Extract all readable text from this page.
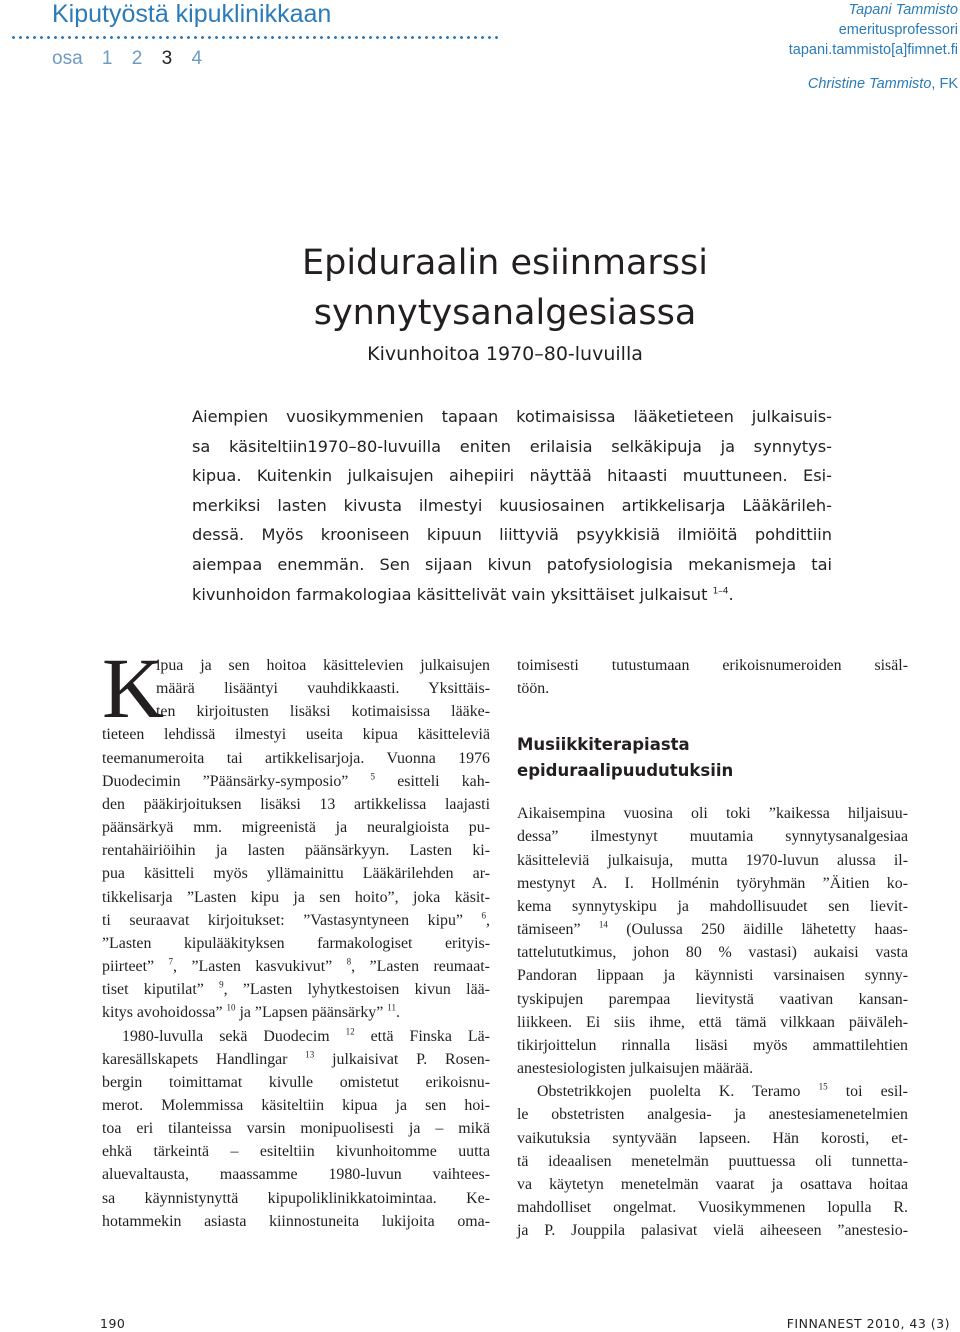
Kiputyöstä kipuklinikkaan
osa 1 2 3 4
Tapani Tammisto
emeritusprofessori
tapani.tammisto[a]fimnet.fi
Christine Tammisto, FK
Epiduraalin esiinmarssi
synnytysanalgesiassa
Kivunhoitoa 1970–80-luvuilla
Aiempien vuosikymmenien tapaan kotimaisissa lääketieteen julkaisuis-
sa käsiteltiin1970–80-luvuilla eniten erilaisia selkäkipuja ja synnytys-
kipua. Kuitenkin julkaisujen aihepiiri näyttää hitaasti muuttuneen. Esi-
merkiksi lasten kivusta ilmestyi kuusiosainen artikkelisarja Lääkärileh-
dessä. Myös krooniseen kipuun liittyviä psyykkisiä ilmiöitä pohdittiin
aiempaa enemmän. Sen sijaan kivun patofysiologisia mekanismeja tai
kivunhoidon farmakologiaa käsittelivät vain yksittäiset julkaisut $^{1-4}$.
K
ipua ja sen hoitoa käsittelevien julkaisujen
määrä lisääntyi vauhdikkaasti. Yksittäis-
ten kirjoitusten lisäksi kotimaisissa lääke-
tieteen lehdissä ilmestyi useita kipua käsitteleviä
teemanumeroita tai artikkelisarjoja. Vuonna 1976
Duodecimin ”Päänsärky-symposio” $^5$ esitteli kah-
den pääkirjoituksen lisäksi 13 artikkelissa laajasti
päänsärkyä mm. migreenistä ja neuralgioista pu-
rentahäiriöihin ja lasten päänsärkyyn. Lasten ki-
pua käsitteli myös yllämainittu Lääkärilehden ar-
tikkelisarja ”Lasten kipu ja sen hoito”, joka käsit-
ti seuraavat kirjoitukset: ”Vastasyntyneen kipu” $^6$,
”Lasten kipulääkityksen farmakologiset erityis-
piirteet” $^7$, ”Lasten kasvukivut” $^8$, ”Lasten reumaat-
tiset kiputilat” $^9$, ”Lasten lyhytkestoisen kivun lää-
kitys avohoidossa” $^{10}$ ja ”Lapsen päänsärky” $^{11}$.
1980-luvulla sekä Duodecim $^{12}$ että Finska Lä-
karesällskapets Handlingar $^{13}$ julkaisivat P. Rosen-
bergin toimittamat kivulle omistetut erikoisnu-
merot. Molemmissa käsiteltiin kipua ja sen hoi-
toa eri tilanteissa varsin monipuolisesti ja – mikä
ehkä tärkeintä – esiteltiin kivunhoitomme uutta
aluevaltausta, maassamme 1980-luvun vaihtees-
sa käynnistynyttä kipupoliklinikkatoimintaa. Ke-
hotammekin asiasta kiinnostuneita lukijoita oma-
toimisesti tutustumaan erikoisnumeroiden sisäl-
töön.
Musiikkiterapiasta
epiduraalipuudutuksiin
Aikaisempina vuosina oli toki ”kaikessa hiljaisuu-
dessa” ilmestynyt muutamia synnytysanalgesiaa
käsitteleviä julkaisuja, mutta 1970-luvun alussa il-
mestynyt A. I. Hollménin työryhmän ”Äitien ko-
kema synnytyskipu ja mahdollisuudet sen lievit-
tämiseen” $^{14}$ (Oulussa 250 äidille lähetetty haas-
tattelututkimus, johon 80 % vastasi) aukaisi vasta
Pandoran lippaan ja käynnisti varsinaisen synny-
tyskipujen parempaa lievitystä vaativan kansan-
liikkeen. Ei siis ihme, että tämä vilkkaan päiväleh-
tikirjoittelun rinnalla lisäsi myös ammattilehtien
anestesiologisten julkaisujen määrää.
Obstetrikkojen puolelta K. Teramo $^{15}$ toi esil-
le obstetristen analgesia- ja anestesiamenetelmien
vaikutuksia syntyvään lapseen. Hän korosti, et-
tä ideaalisen menetelmän puuttuessa oli tunnetta-
va käytetyn menetelmän vaarat ja osattava hoitaa
mahdolliset ongelmat. Vuosikymmenen lopulla R.
ja P. Jouppila palasivat vielä aiheeseen ”anestesio-
190	FINNANEST 2010, 43 (3)
